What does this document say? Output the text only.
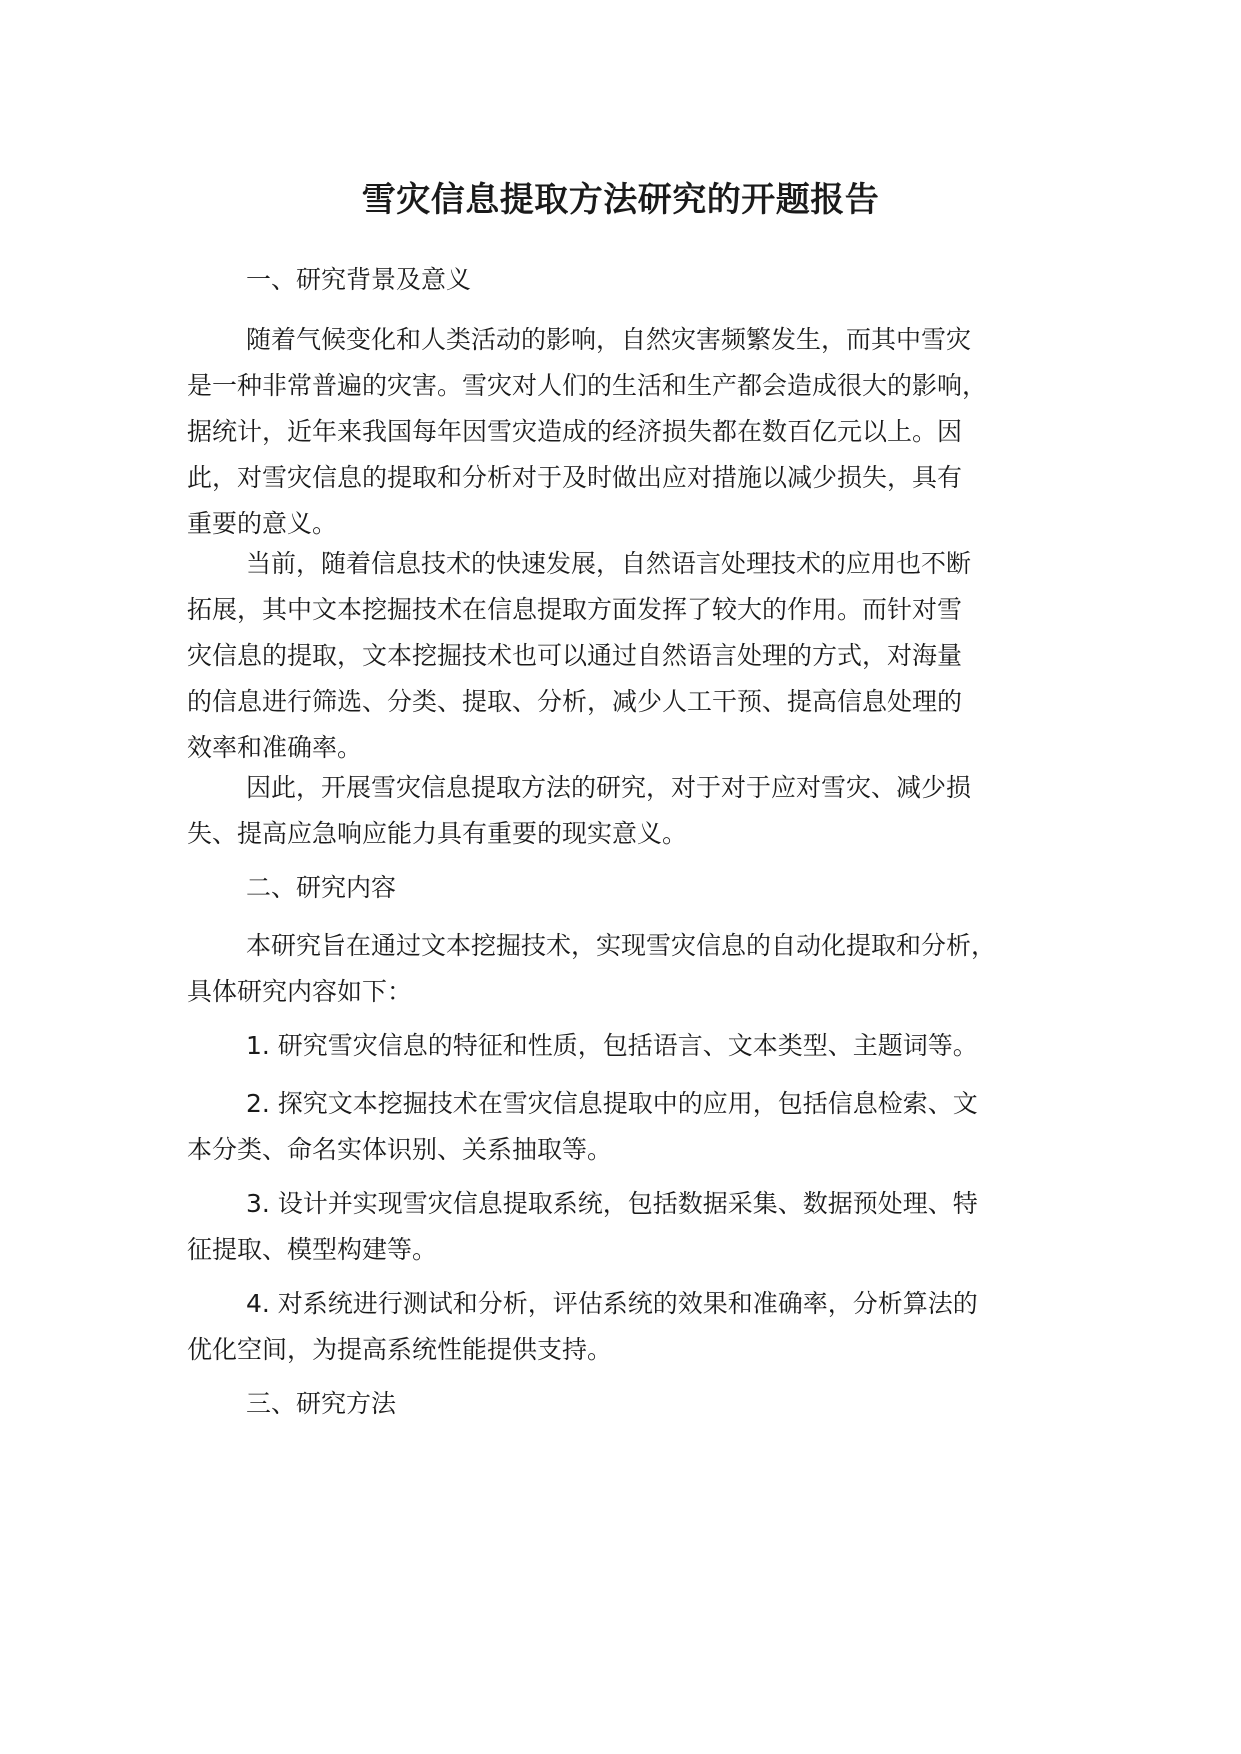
雪灾信息提取方法研究的开题报告
一、研究背景及意义
随着气候变化和人类活动的影响，自然灾害频繁发生，而其中雪灾
是一种非常普遍的灾害。雪灾对人们的生活和生产都会造成很大的影响，
据统计，近年来我国每年因雪灾造成的经济损失都在数百亿元以上。因
此，对雪灾信息的提取和分析对于及时做出应对措施以减少损失，具有
重要的意义。
当前，随着信息技术的快速发展，自然语言处理技术的应用也不断
拓展，其中文本挖掘技术在信息提取方面发挥了较大的作用。而针对雪
灾信息的提取，文本挖掘技术也可以通过自然语言处理的方式，对海量
的信息进行筛选、分类、提取、分析，减少人工干预、提高信息处理的
效率和准确率。
因此，开展雪灾信息提取方法的研究，对于对于应对雪灾、减少损
失、提高应急响应能力具有重要的现实意义。
二、研究内容
本研究旨在通过文本挖掘技术，实现雪灾信息的自动化提取和分析，
具体研究内容如下：
1. 研究雪灾信息的特征和性质，包括语言、文本类型、主题词等。
2. 探究文本挖掘技术在雪灾信息提取中的应用，包括信息检索、文
本分类、命名实体识别、关系抽取等。
3. 设计并实现雪灾信息提取系统，包括数据采集、数据预处理、特
征提取、模型构建等。
4. 对系统进行测试和分析，评估系统的效果和准确率，分析算法的
优化空间，为提高系统性能提供支持。
三、研究方法
